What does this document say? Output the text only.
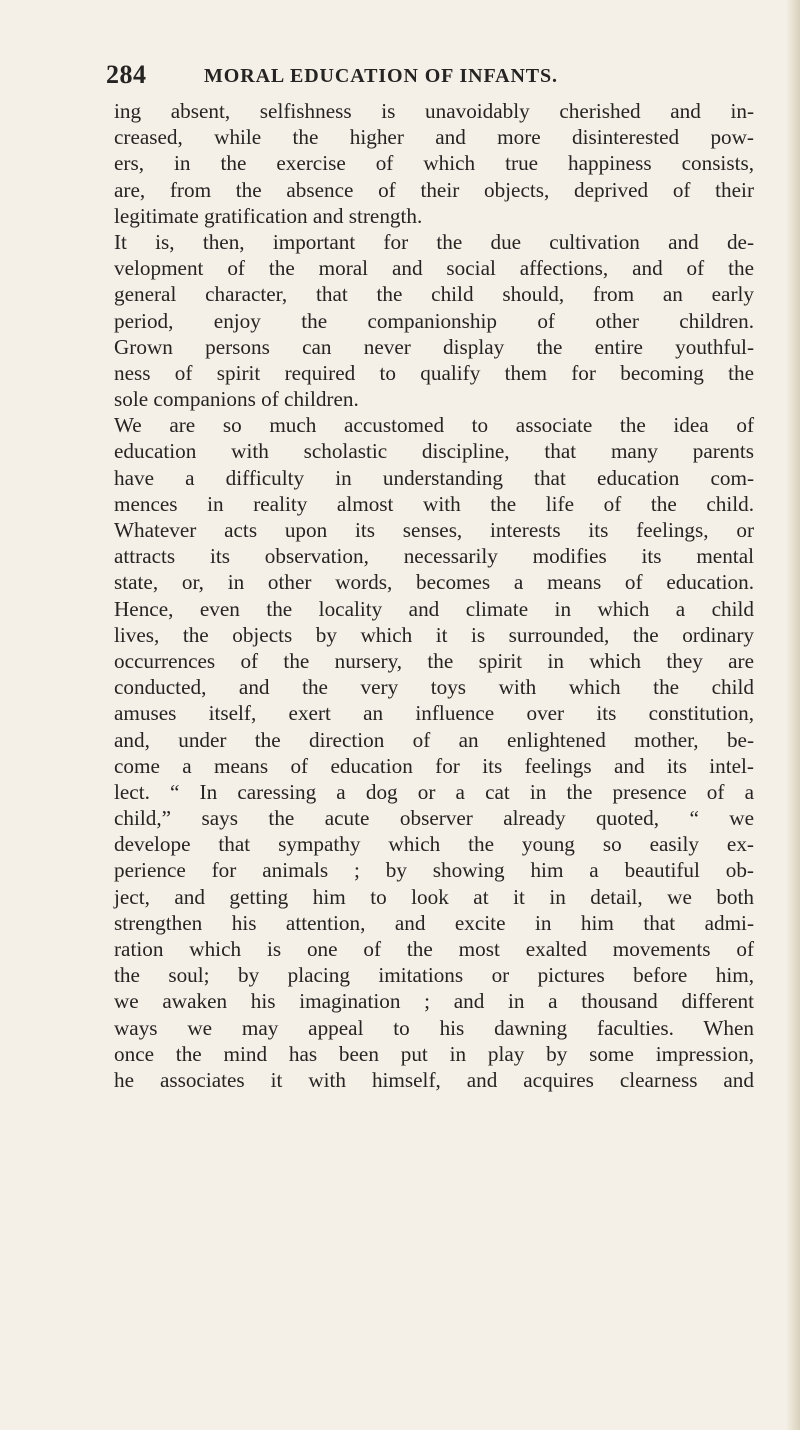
284	MORAL EDUCATION OF INFANTS.
ing absent, selfishness is unavoidably cherished and in-
creased, while the higher and more disinterested pow-
ers, in the exercise of which true happiness consists,
are, from the absence of their objects, deprived of their
legitimate gratification and strength.
It is, then, important for the due cultivation and de-
velopment of the moral and social affections, and of the
general character, that the child should, from an early
period, enjoy the companionship of other children.
Grown persons can never display the entire youthful-
ness of spirit required to qualify them for becoming the
sole companions of children.
We are so much accustomed to associate the idea of
education with scholastic discipline, that many parents
have a difficulty in understanding that education com-
mences in reality almost with the life of the child.
Whatever acts upon its senses, interests its feelings, or
attracts its observation, necessarily modifies its mental
state, or, in other words, becomes a means of education.
Hence, even the locality and climate in which a child
lives, the objects by which it is surrounded, the ordinary
occurrences of the nursery, the spirit in which they are
conducted, and the very toys with which the child
amuses itself, exert an influence over its constitution,
and, under the direction of an enlightened mother, be-
come a means of education for its feelings and its intel-
lect. “ In caressing a dog or a cat in the presence of a
child,” says the acute observer already quoted, “ we
develope that sympathy which the young so easily ex-
perience for animals ; by showing him a beautiful ob-
ject, and getting him to look at it in detail, we both
strengthen his attention, and excite in him that admi-
ration which is one of the most exalted movements of
the soul; by placing imitations or pictures before him,
we awaken his imagination ; and in a thousand different
ways we may appeal to his dawning faculties. When
once the mind has been put in play by some impression,
he associates it with himself, and acquires clearness and
